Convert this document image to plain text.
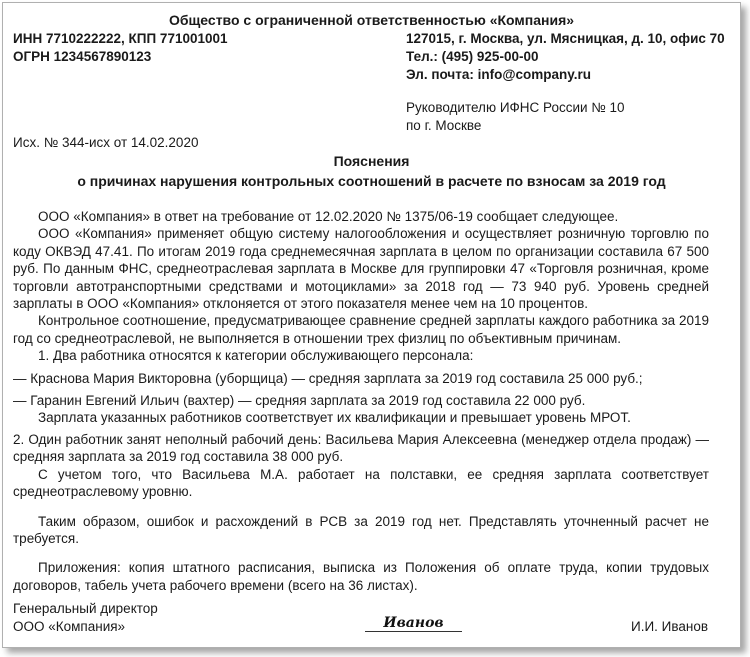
Общество с ограниченной ответственностью «Компания»
ИНН 7710222222, КПП 771001001
ОГРН 1234567890123
127015, г. Москва, ул. Мясницкая, д. 10, офис 70
Тел.: (495) 925-00-00
Эл. почта: info@company.ru
Руководителю ИФНС России № 10
по г. Москве
Исх. № 344-исх от 14.02.2020
Пояснения
о причинах нарушения контрольных соотношений в расчете по взносам за 2019 год

ООО «Компания» в ответ на требование от 12.02.2020 № 1375/06-19 сообщает следующее.

ООО «Компания» применяет общую систему налогообложения и осуществляет розничную торговлю по коду ОКВЭД 47.41. По итогам 2019 года среднемесячная зарплата в целом по организации составила 67 500 руб. По данным ФНС, среднеотраслевая зарплата в Москве для группировки 47 «Торговля розничная, кроме торговли автотранспортными средствами и мотоциклами» за 2018 год — 73 940 руб. Уровень средней зарплаты в ООО «Компания» отклоняется от этого показателя менее чем на 10 процентов.

Контрольное соотношение, предусматривающее сравнение средней зарплаты каждого работника за 2019 год со среднеотраслевой, не выполняется в отношении трех физлиц по объективным причинам.

1. Два работника относятся к категории обслуживающего персонала:

— Краснова Мария Викторовна (уборщица) — средняя зарплата за 2019 год составила 25 000 руб.;

— Гаранин Евгений Ильич (вахтер) — средняя зарплата за 2019 год составила 22 000 руб.

Зарплата указанных работников соответствует их квалификации и превышает уровень МРОТ.

2. Один работник занят неполный рабочий день: Васильева Мария Алексеевна (менеджер отдела продаж) — средняя зарплата за 2019 год составила 38 000 руб.

С учетом того, что Васильева М.А. работает на полставки, ее средняя зарплата соответствует среднеотраслевому уровню.

Таким образом, ошибок и расхождений в РСВ за 2019 год нет. Представлять уточненный расчет не требуется.

Приложения: копия штатного расписания, выписка из Положения об оплате труда, копии трудовых договоров, табель учета рабочего времени (всего на 36 листах).

Генеральный директор
ООО «Компания»	Иванов	И.И. Иванов
